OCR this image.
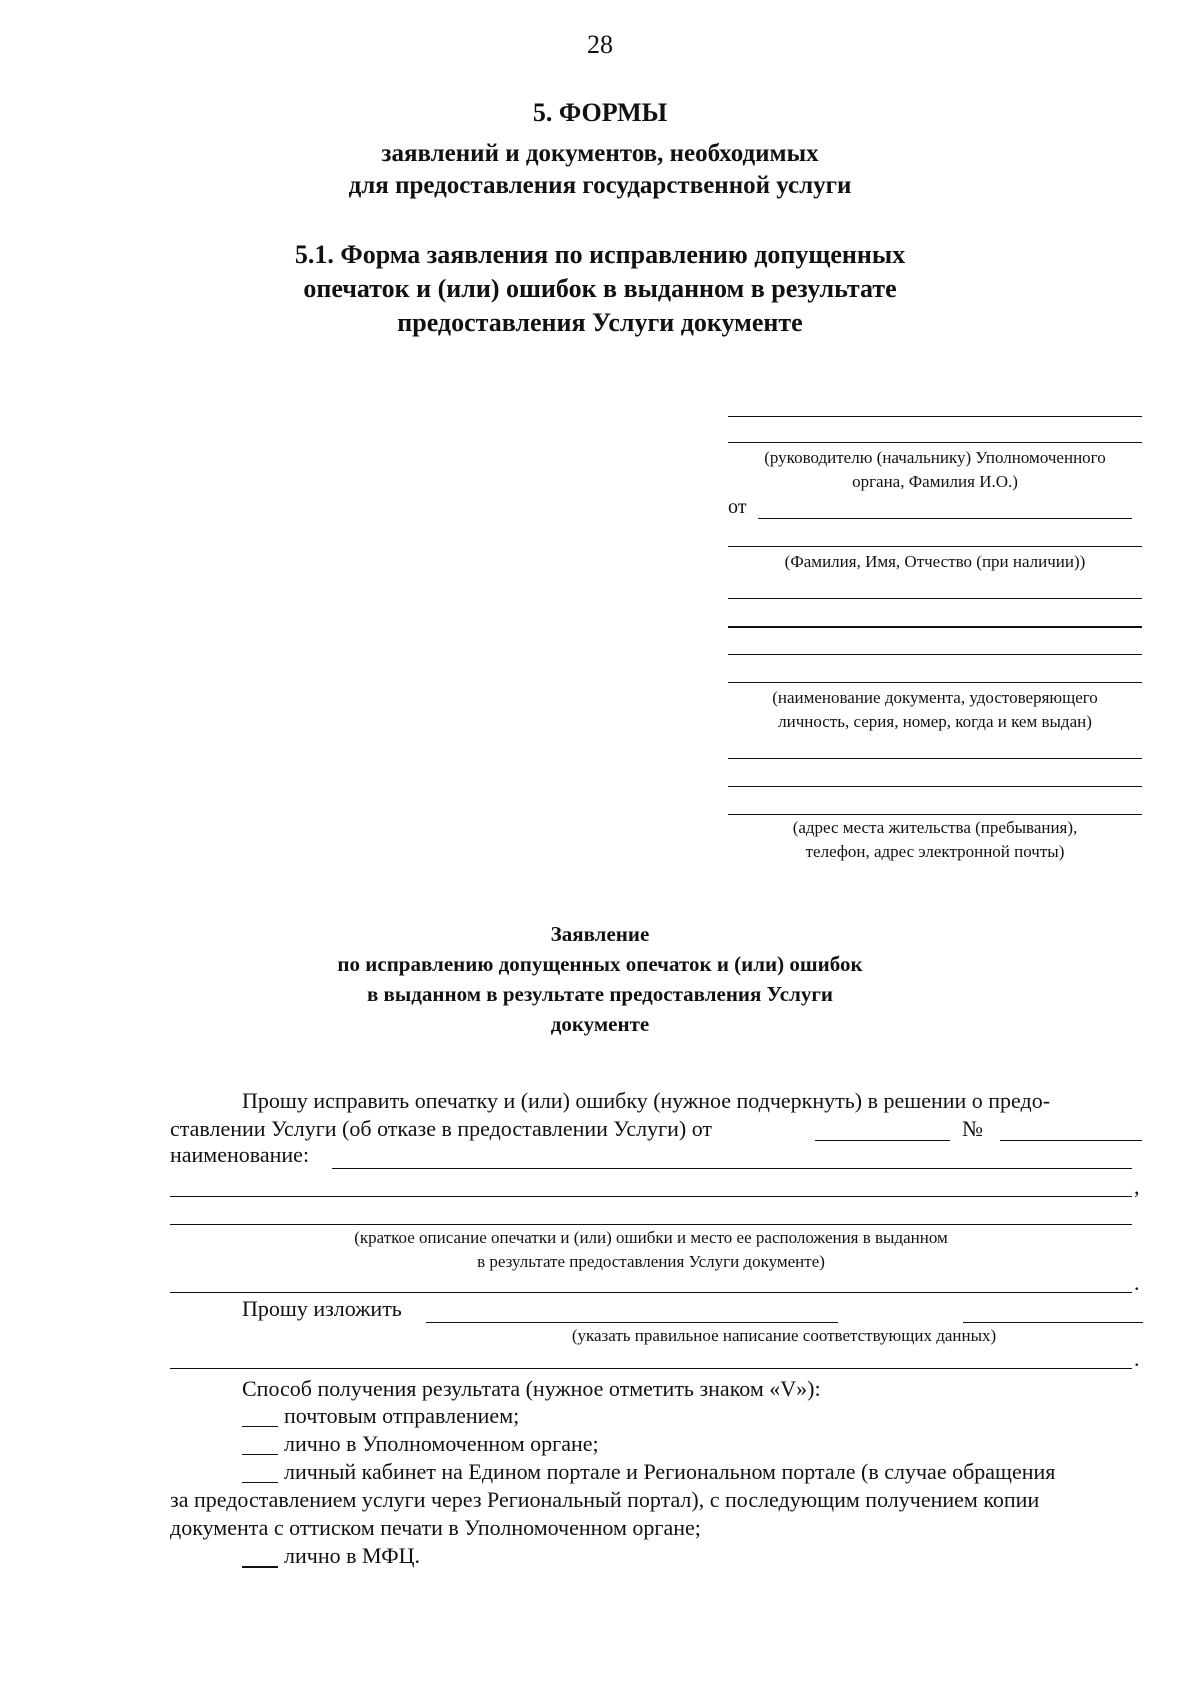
28
5. ФОРМЫ
заявлений и документов, необходимых
для предоставления государственной услуги
5.1. Форма заявления по исправлению допущенных
опечаток и (или) ошибок в выданном в результате
предоставления Услуги документе
(руководителю (начальнику) Уполномоченного
органа, Фамилия И.О.)
от
(Фамилия, Имя, Отчество (при наличии))
(наименование документа, удостоверяющего
личность, серия, номер, когда и кем выдан)
(адрес места жительства (пребывания),
телефон, адрес электронной почты)
Заявление
по исправлению допущенных опечаток и (или) ошибок
в выданном в результате предоставления Услуги
документе
Прошу исправить опечатку и (или) ошибку (нужное подчеркнуть) в решении о предо-
ставлении Услуги (об отказе в предоставлении Услуги) от	№
наименование:
,
(краткое описание опечатки и (или) ошибки и место ее расположения в выданном
в результате предоставления Услуги документе)
.
Прошу изложить
(указать правильное написание соответствующих данных)
.
Способ получения результата (нужное отметить знаком «V»):
почтовым отправлением;
лично в Уполномоченном органе;
личный кабинет на Едином портале и Региональном портале (в случае обращения
за предоставлением услуги через Региональный портал), с последующим получением копии
документа с оттиском печати в Уполномоченном органе;
лично в МФЦ.
